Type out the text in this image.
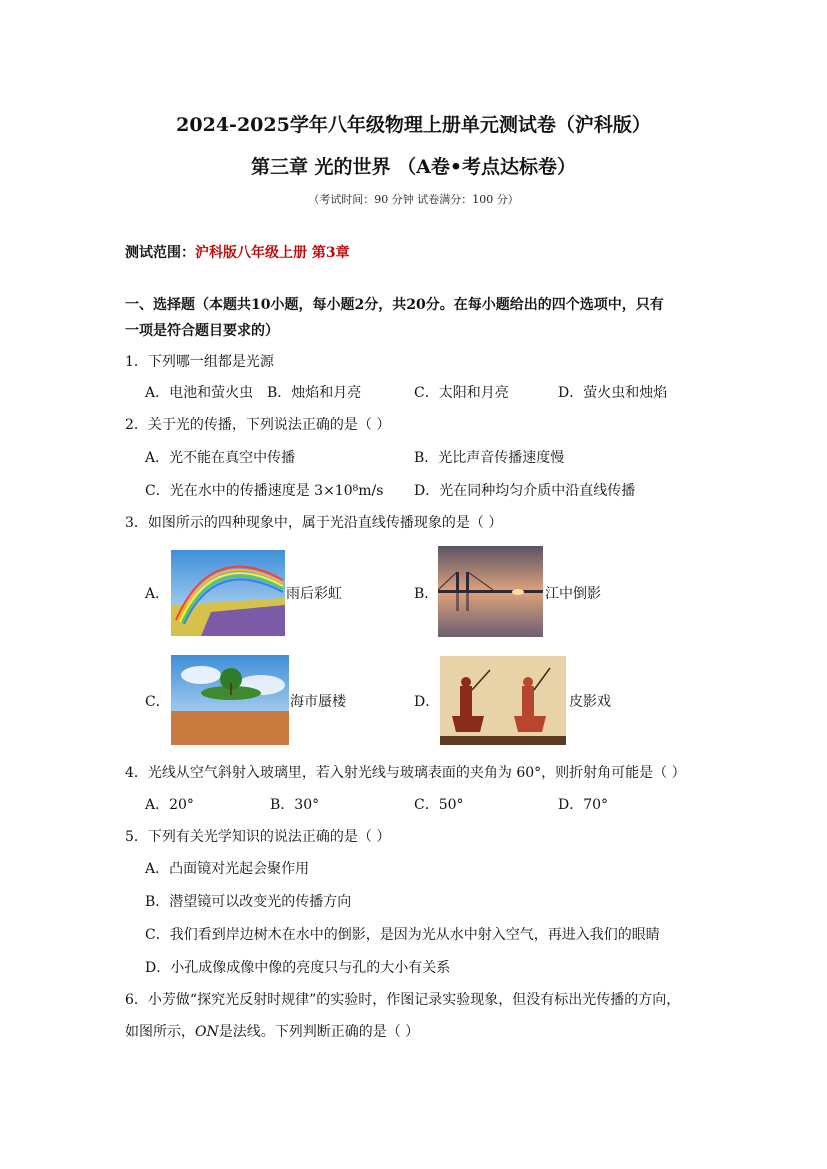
2024-2025学年八年级物理上册单元测试卷（沪科版）
第三章 光的世界 （A卷•考点达标卷）
（考试时间：90 分钟 试卷满分：100 分）
测试范围：沪科版八年级上册 第3章
一、选择题（本题共10小题，每小题2分，共20分。在每小题给出的四个选项中，只有
一项是符合题目要求的）
1．下列哪一组都是光源
A．电池和萤火虫 B．烛焰和月亮	C．太阳和月亮	D．萤火虫和烛焰
2．关于光的传播，下列说法正确的是（ ）
A．光不能在真空中传播	B．光比声音传播速度慢
C．光在水中的传播速度是 3×10⁸m/s D．光在同种均匀介质中沿直线传播
3．如图所示的四种现象中，属于光沿直线传播现象的是（ ）
A．	雨后彩虹	B．	江中倒影
C．	海市蜃楼	D．	皮影戏
4．光线从空气斜射入玻璃里，若入射光线与玻璃表面的夹角为 60°，则折射角可能是（ ）
A．20°	B．30°	C．50°	D．70°
5．下列有关光学知识的说法正确的是（ ）
A．凸面镜对光起会聚作用
B．潜望镜可以改变光的传播方向
C．我们看到岸边树木在水中的倒影，是因为光从水中射入空气，再进入我们的眼睛
D．小孔成像成像中像的亮度只与孔的大小有关系
6．小芳做“探究光反射时规律”的实验时，作图记录实验现象，但没有标出光传播的方向，
如图所示，ON是法线。下列判断正确的是（ ）
